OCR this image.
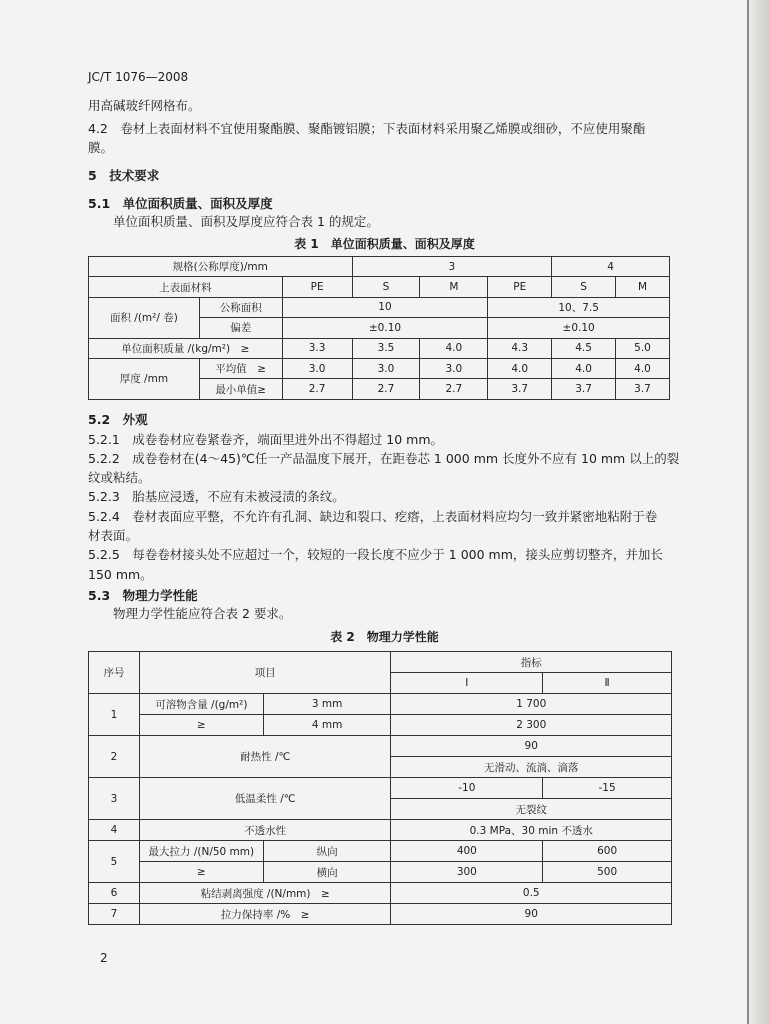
JC/T 1076—2008
用高碱玻纤网格布。
4.2　卷材上表面材料不宜使用聚酯膜、聚酯镀铝膜；下表面材料采用聚乙烯膜或细砂，不应使用聚酯
膜。
5　技术要求
5.1　单位面积质量、面积及厚度
单位面积质量、面积及厚度应符合表 1 的规定。
表 1　单位面积质量、面积及厚度
规格(公称厚度)/mm			3			4	
上表面材料		PE	S	M	PE	S	M
面积 /(m²/ 卷)	公称面积	10			10、7.5		
	偏差	±0.10			±0.10		
单位面积质量 /(kg/m²)　≥		3.3	3.5	4.0	4.3	4.5	5.0
厚度 /mm	平均值　≥	3.0	3.0	3.0	4.0	4.0	4.0
	最小单值≥	2.7	2.7	2.7	3.7	3.7	3.7
5.2　外观
5.2.1　成卷卷材应卷紧卷齐，端面里进外出不得超过 10 mm。
5.2.2　成卷卷材在(4～45)℃任一产品温度下展开，在距卷芯 1 000 mm 长度外不应有 10 mm 以上的裂
纹或粘结。
5.2.3　胎基应浸透，不应有未被浸渍的条纹。
5.2.4　卷材表面应平整，不允许有孔洞、缺边和裂口、疙瘩，上表面材料应均匀一致并紧密地粘附于卷
材表面。
5.2.5　每卷卷材接头处不应超过一个，较短的一段长度不应少于 1 000 mm，接头应剪切整齐，并加长
150 mm。
5.3　物理力学性能
物理力学性能应符合表 2 要求。
表 2　物理力学性能
序号	项目		指标	
			Ⅰ	Ⅱ
1	可溶物含量 /(g/m²)	3 mm	1 700	
	≥	4 mm	2 300	
2	耐热性 /℃		90	
			无滑动、流淌、滴落	
3	低温柔性 /℃		-10	-15
			无裂纹	
4	不透水性		0.3 MPa、30 min 不透水	
5	最大拉力 /(N/50 mm)	纵向	400	600
	≥	横向	300	500
6	粘结剥离强度 /(N/mm)　≥		0.5	
7	拉力保持率 /%　≥		90	
2
